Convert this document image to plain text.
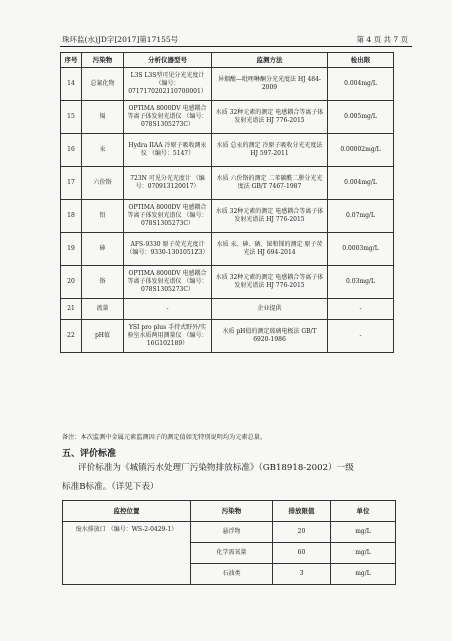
珠环监(水)JD字[2017]第17155号	第 4 页 共 7 页
序号	污染物	分析仪器型号	监测方法	检出限
14	总氰化物	L3S L3S型可见分光光度计 （编号：0717170202110700001）	异烟酸—吡唑啉酮分光光度法 HJ 484-2009	0.004mg/L
15	镉	OPTIMA 8000DV 电感耦合等离子体发射光谱仪 （编号：078S1305273C）	水质 32种元素的测定 电感耦合等离子体发射光谱法 HJ 776-2015	0.005mg/L
16	汞	Hydra IIAA 冷原子吸收测汞仪 （编号：5147）	水质 总汞的测定 冷原子吸收分光光度法 HJ 597-2011	0.00002mg/L
17	六价铬	723N 可见分光光度计 （编号：070913120017）	水质 六价铬的测定 二苯碳酰二肼分光光度法 GB/T 7467-1987	0.004mg/L
18	铅	OPTIMA 8000DV 电感耦合等离子体发射光谱仪 （编号：078S1305273C）	水质 32种元素的测定 电感耦合等离子体发射光谱法 HJ 776-2015	0.07mg/L
19	砷	AFS-9330 原子荧光光度计 （编号：9330-1301051Z3）	水质 汞、砷、硒、铋和锑的测定 原子荧光法 HJ 694-2014	0.0003mg/L
20	铬	OPTIMA 8000DV 电感耦合等离子体发射光谱仪 （编号：078S1305273C）	水质 32种元素的测定 电感耦合等离子体发射光谱法 HJ 776-2015	0.03mg/L
21	流量	-	企业提供	-
22	pH值	YSI pro plus 手持式野外/实验室水质两用测量仪 （编号：16G102189）	水质 pH值的测定玻璃电极法 GB/T 6920-1986	-
备注：本次监测中金属元素监测因子的测定值如无特别说明均为元素总量。
五、评价标准
评价标准为《城镇污水处理厂污染物排放标准》（GB18918-2002）一级
标准B标准。（详见下表）
监控位置	污染物	排放限值	单位
废水排放口 （编号：WS-2-0429-1）	悬浮物	20	mg/L
	化学需氧量	60	mg/L
	石油类	3	mg/L
